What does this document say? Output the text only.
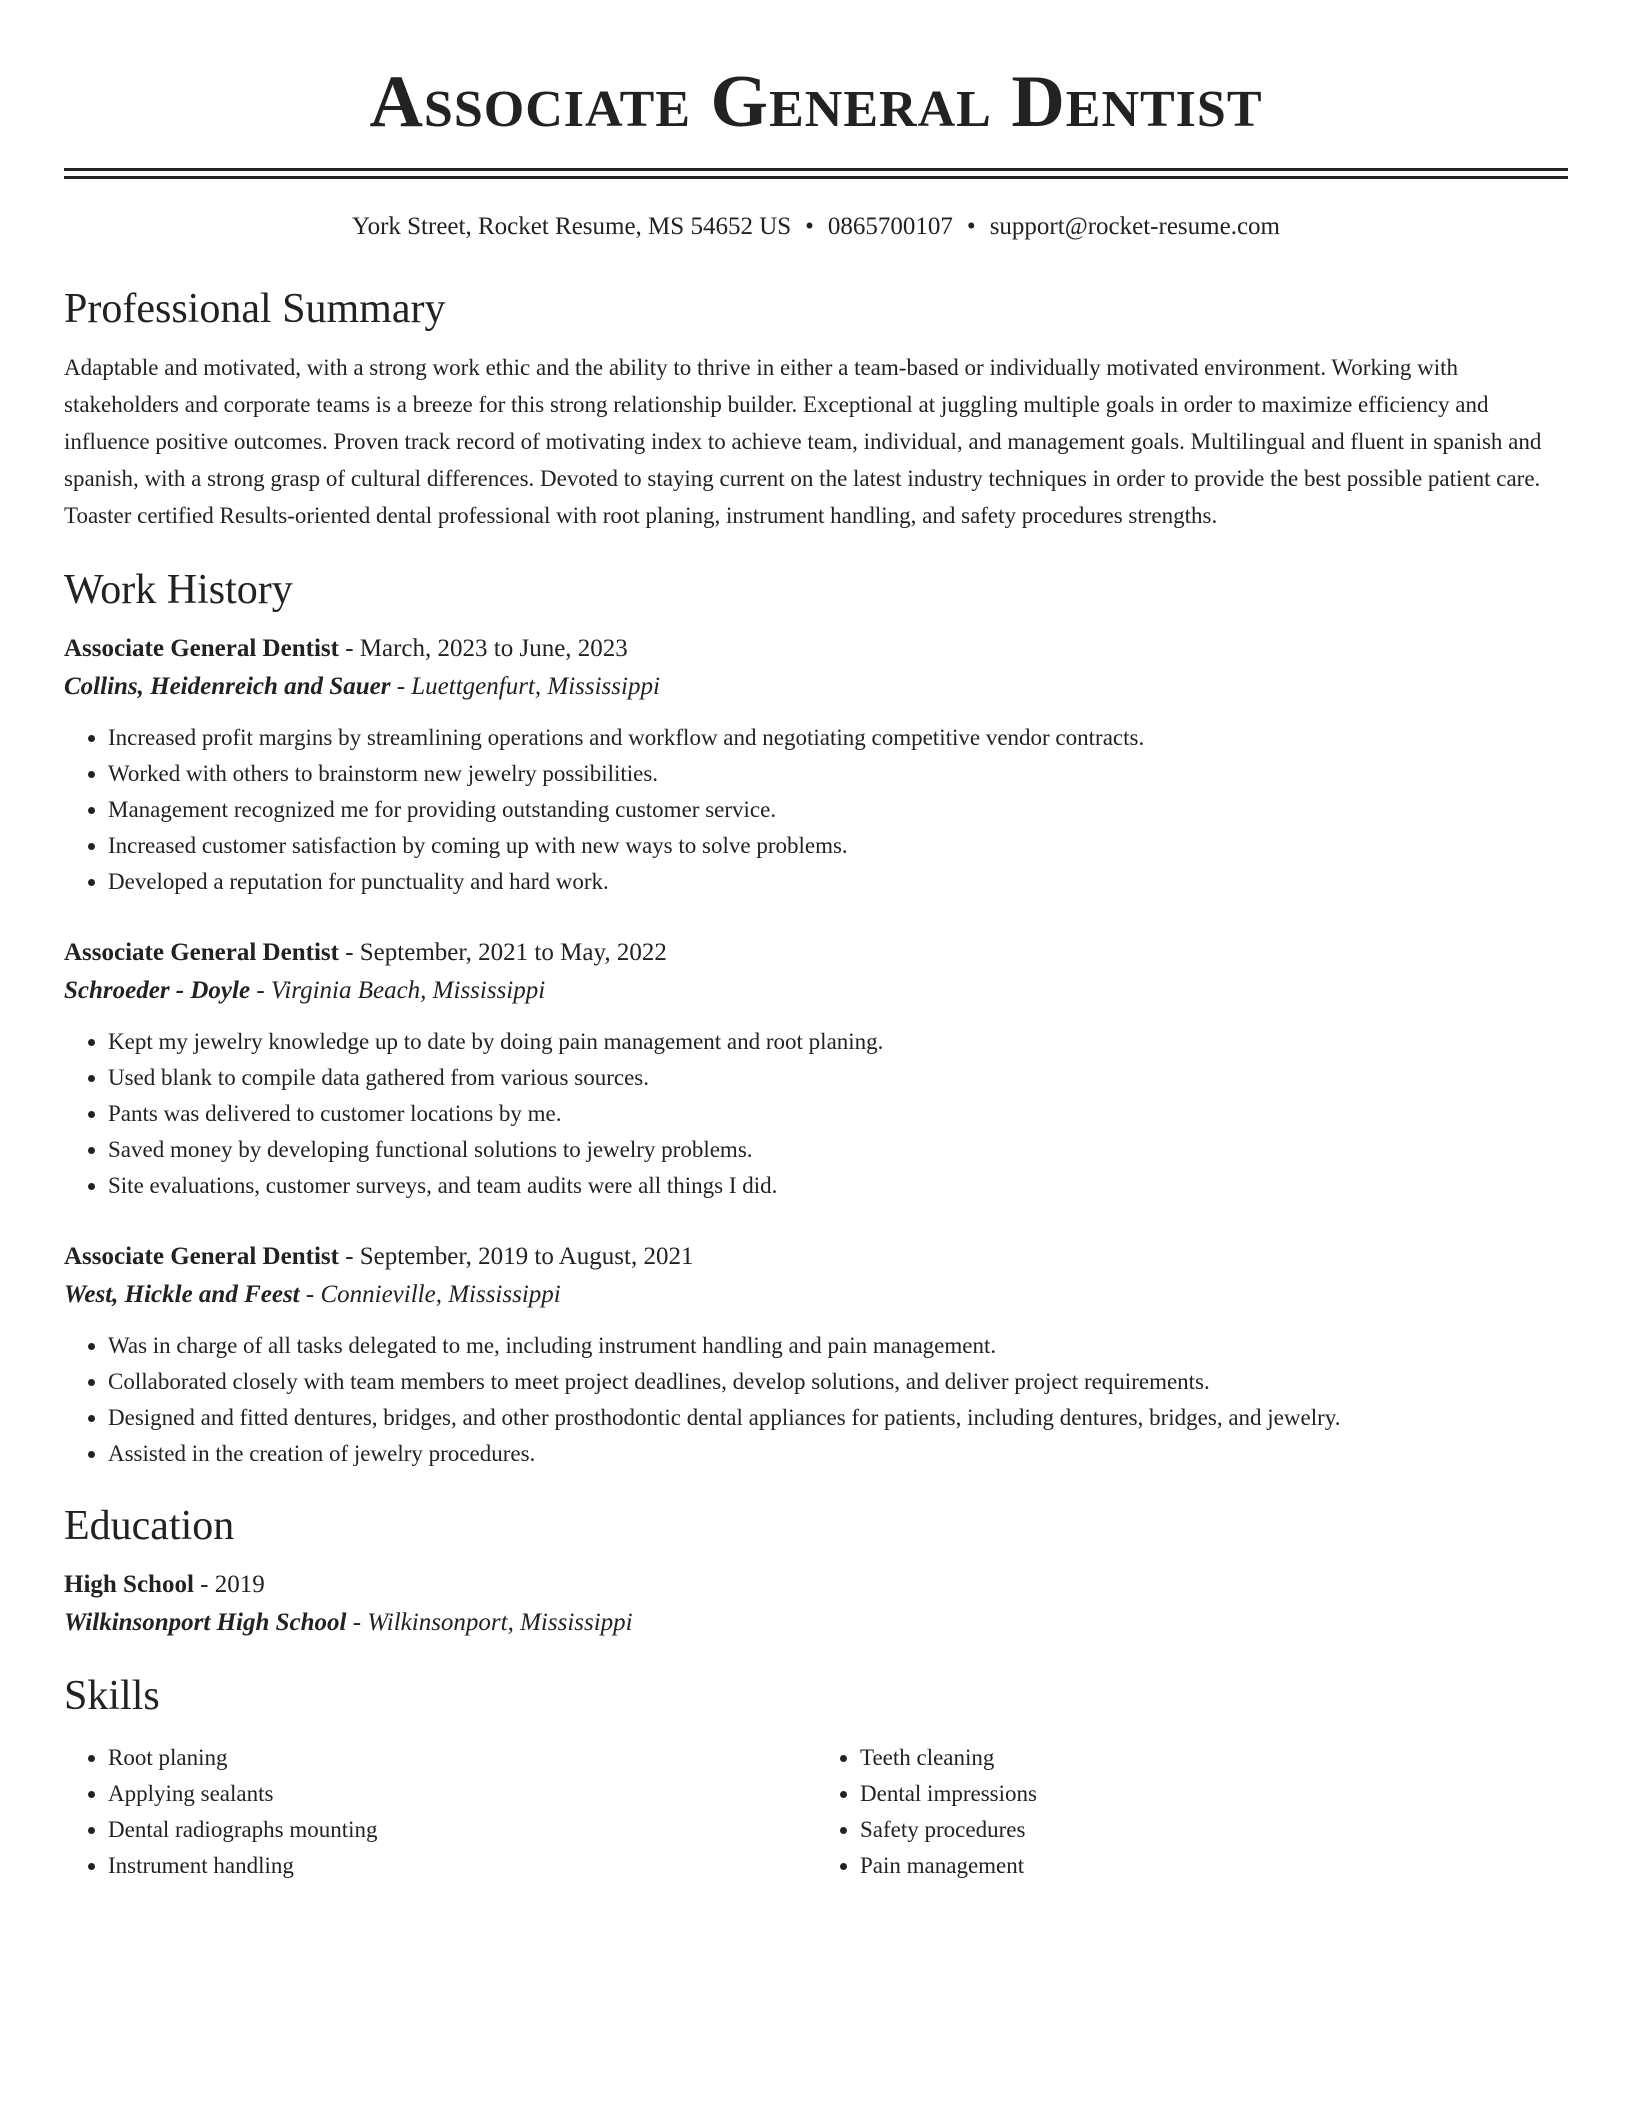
Associate General Dentist
York Street, Rocket Resume, MS 54652 US • 0865700107 • support@rocket-resume.com
Professional Summary

Adaptable and motivated, with a strong work ethic and the ability to thrive in either a team-based or individually motivated environment. Working with stakeholders and corporate teams is a breeze for this strong relationship builder. Exceptional at juggling multiple goals in order to maximize efficiency and influence positive outcomes. Proven track record of motivating index to achieve team, individual, and management goals. Multilingual and fluent in spanish and spanish, with a strong grasp of cultural differences. Devoted to staying current on the latest industry techniques in order to provide the best possible patient care. Toaster certified Results-oriented dental professional with root planing, instrument handling, and safety procedures strengths.

Work History
Associate General Dentist - March, 2023 to June, 2023
Collins, Heidenreich and Sauer - Luettgenfurt, Mississippi
• Increased profit margins by streamlining operations and workflow and negotiating competitive vendor contracts.
• Worked with others to brainstorm new jewelry possibilities.
• Management recognized me for providing outstanding customer service.
• Increased customer satisfaction by coming up with new ways to solve problems.
• Developed a reputation for punctuality and hard work.
Associate General Dentist - September, 2021 to May, 2022
Schroeder - Doyle - Virginia Beach, Mississippi
• Kept my jewelry knowledge up to date by doing pain management and root planing.
• Used blank to compile data gathered from various sources.
• Pants was delivered to customer locations by me.
• Saved money by developing functional solutions to jewelry problems.
• Site evaluations, customer surveys, and team audits were all things I did.
Associate General Dentist - September, 2019 to August, 2021
West, Hickle and Feest - Connieville, Mississippi
• Was in charge of all tasks delegated to me, including instrument handling and pain management.
• Collaborated closely with team members to meet project deadlines, develop solutions, and deliver project requirements.
• Designed and fitted dentures, bridges, and other prosthodontic dental appliances for patients, including dentures, bridges, and jewelry.
• Assisted in the creation of jewelry procedures.
Education
High School - 2019
Wilkinsonport High School - Wilkinsonport, Mississippi
Skills
• Root planing
• Applying sealants
• Dental radiographs mounting
• Instrument handling
• Teeth cleaning
• Dental impressions
• Safety procedures
• Pain management
